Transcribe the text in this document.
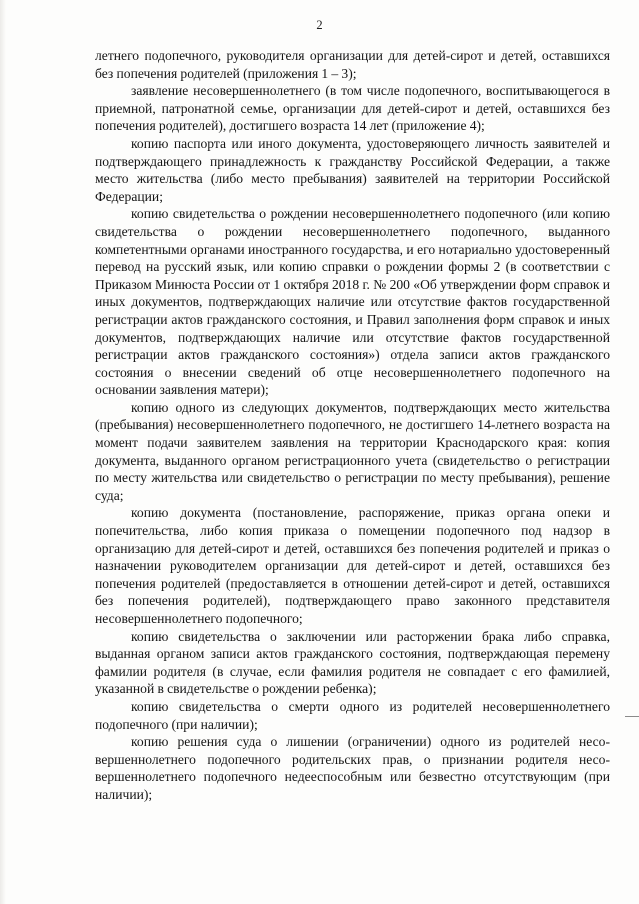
2

летнего подопечного, руководителя организации для детей-сирот и детей, оставшихся без попечения родителей (приложения 1 – 3);

заявление несовершеннолетнего (в том числе подопечного, воспитывающегося в приемной, патронатной семье, организации для детей-сирот и детей, оставшихся без попечения родителей), достигшего возраста 14 лет (приложение 4);

копию паспорта или иного документа, удостоверяющего личность заявителей и подтверждающего принадлежность к гражданству Российской Федерации, а также место жительства (либо место пребывания) заявителей на территории Российской Федерации;

копию свидетельства о рождении несовершеннолетнего подопечного (или копию свидетельства о рождении несовершеннолетнего подопечного, выданного компетентными органами иностранного государства, и его нотариально удостоверенный перевод на русский язык, или копию справки о рождении формы 2 (в соответствии с Приказом Минюста России от 1 октября 2018 г. № 200 «Об утверждении форм справок и иных документов, подтверждающих наличие или отсутствие фактов государственной регистрации актов гражданского состояния, и Правил заполнения форм справок и иных документов, подтверждающих наличие или отсутствие фактов государственной регистрации актов гражданского состояния») отдела записи актов гражданского состояния о внесении сведений об отце несовершеннолетнего подопечного на основании заявления матери);

копию одного из следующих документов, подтверждающих место жительства (пребывания) несовершеннолетнего подопечного, не достигшего 14-летнего возраста на момент подачи заявителем заявления на территории Краснодарского края: копия документа, выданного органом регистрационного учета (свидетельство о регистрации по месту жительства или свидетельство о регистрации по месту пребывания), решение суда;

копию документа (постановление, распоряжение, приказ органа опеки и попечительства, либо копия приказа о помещении подопечного под надзор в организацию для детей-сирот и детей, оставшихся без попечения родителей и приказ о назначении руководителем организации для детей-сирот и детей, оставшихся без попечения родителей (предоставляется в отношении детей-сирот и детей, оставшихся без попечения родителей), подтверждающего право законного представителя несовершеннолетнего подопечного;

копию свидетельства о заключении или расторжении брака либо справка, выданная органом записи актов гражданского состояния, подтверждающая перемену фамилии родителя (в случае, если фамилия родителя не совпадает с его фамилией, указанной в свидетельстве о рождении ребенка);

копию свидетельства о смерти одного из родителей несовершеннолетнего подопечного (при наличии);

копию решения суда о лишении (ограничении) одного из родителей несовершеннолетнего подопечного родительских прав, о признании родителя несовершеннолетнего подопечного недееспособным или безвестно отсутствующим (при наличии);
